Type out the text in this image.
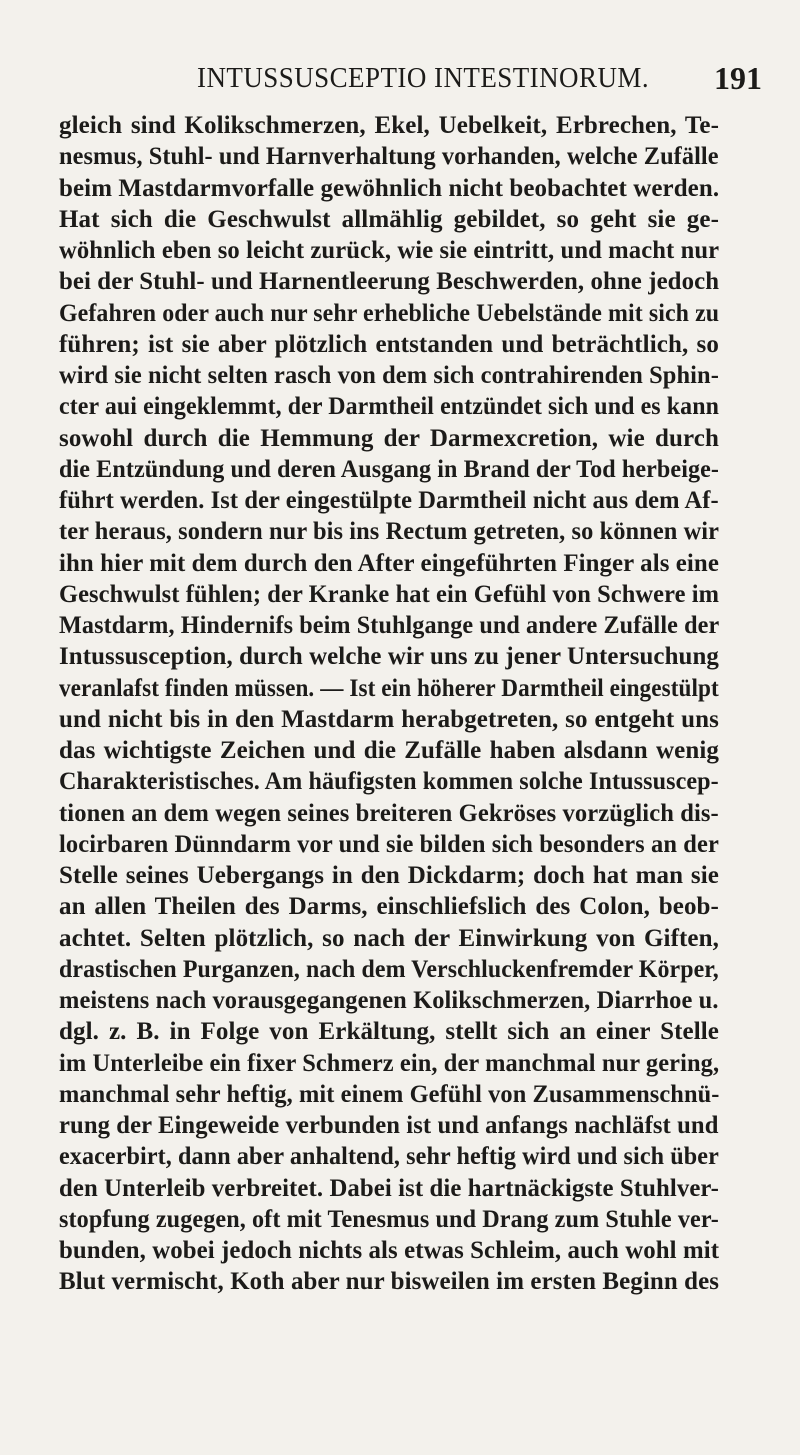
INTUSSUSCEPTIO INTESTINORUM. 191
gleich sind Kolikschmerzen, Ekel, Uebelkeit, Erbrechen, Te-
nesmus, Stuhl- und Harnverhaltung vorhanden, welche Zufälle
beim Mastdarmvorfalle gewöhnlich nicht beobachtet werden.
Hat sich die Geschwulst allmählig gebildet, so geht sie ge-
wöhnlich eben so leicht zurück, wie sie eintritt, und macht nur
bei der Stuhl- und Harnentleerung Beschwerden, ohne jedoch
Gefahren oder auch nur sehr erhebliche Uebelstände mit sich zu
führen; ist sie aber plötzlich entstanden und beträchtlich, so
wird sie nicht selten rasch von dem sich contrahirenden Sphin-
cter aui eingeklemmt, der Darmtheil entzündet sich und es kann
sowohl durch die Hemmung der Darmexcretion, wie durch
die Entzündung und deren Ausgang in Brand der Tod herbeige-
führt werden. Ist der eingestülpte Darmtheil nicht aus dem Af-
ter heraus, sondern nur bis ins Rectum getreten, so können wir
ihn hier mit dem durch den After eingeführten Finger als eine
Geschwulst fühlen; der Kranke hat ein Gefühl von Schwere im
Mastdarm, Hindernifs beim Stuhlgange und andere Zufälle der
Intussusception, durch welche wir uns zu jener Untersuchung
veranlafst finden müssen. — Ist ein höherer Darmtheil eingestülpt
und nicht bis in den Mastdarm herabgetreten, so entgeht uns
das wichtigste Zeichen und die Zufälle haben alsdann wenig
Charakteristisches. Am häufigsten kommen solche Intussuscep-
tionen an dem wegen seines breiteren Gekröses vorzüglich dis-
locirbaren Dünndarm vor und sie bilden sich besonders an der
Stelle seines Uebergangs in den Dickdarm; doch hat man sie
an allen Theilen des Darms, einschliefslich des Colon, beob-
achtet. Selten plötzlich, so nach der Einwirkung von Giften,
drastischen Purganzen, nach dem Verschluckenfremder Körper,
meistens nach vorausgegangenen Kolikschmerzen, Diarrhoe u.
dgl. z. B. in Folge von Erkältung, stellt sich an einer Stelle
im Unterleibe ein fixer Schmerz ein, der manchmal nur gering,
manchmal sehr heftig, mit einem Gefühl von Zusammenschnü-
rung der Eingeweide verbunden ist und anfangs nachläfst und
exacerbirt, dann aber anhaltend, sehr heftig wird und sich über
den Unterleib verbreitet. Dabei ist die hartnäckigste Stuhlver-
stopfung zugegen, oft mit Tenesmus und Drang zum Stuhle ver-
bunden, wobei jedoch nichts als etwas Schleim, auch wohl mit
Blut vermischt, Koth aber nur bisweilen im ersten Beginn des
